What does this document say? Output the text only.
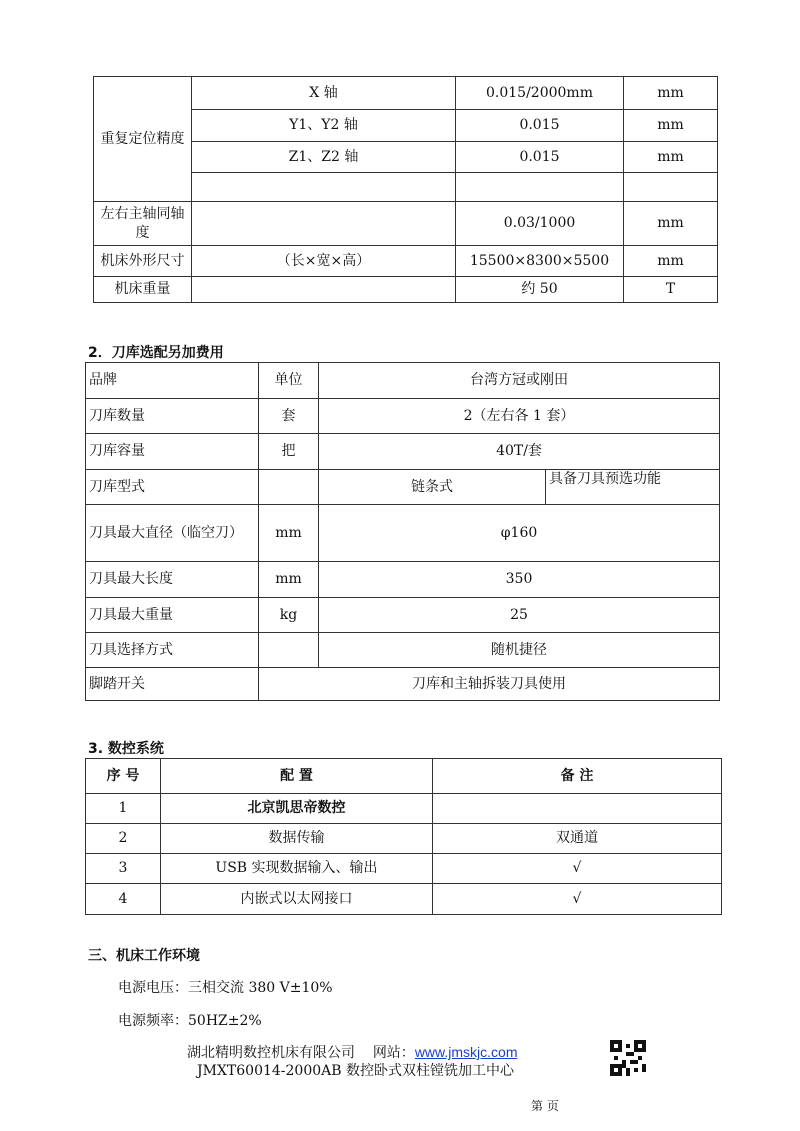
重复定位精度	X 轴	0.015/2000mm	mm
	Y1、Y2 轴	0.015	mm
	Z1、Z2 轴	0.015	mm

左右主轴同轴度		0.03/1000	mm
机床外形尺寸	（长×宽×高）	15500×8300×5500	mm
机床重量		约 50	T
2．刀库选配另加费用
品牌	单位	台湾方冠或刚田	
刀库数量	套	2（左右各 1 套）	
刀库容量	把	40T/套	
刀库型式		链条式	具备刀具预选功能
刀具最大直径（临空刀）	mm	φ160	
刀具最大长度	mm	350	
刀具最大重量	kg	25	
刀具选择方式		随机捷径	
脚踏开关	刀库和主轴拆装刀具使用		
3. 数控系统
序 号	配 置	备 注
1	北京凯思帝数控	
2	数据传输	双通道
3	USB 实现数据输入、输出	√
4	内嵌式以太网接口	√
三、机床工作环境
电源电压：三相交流 380 V±10%
电源频率：50HZ±2%
湖北精明数控机床有限公司 网站：www.jmskjc.com
JMXT60014-2000AB 数控卧式双柱镗铣加工中心
第 页
